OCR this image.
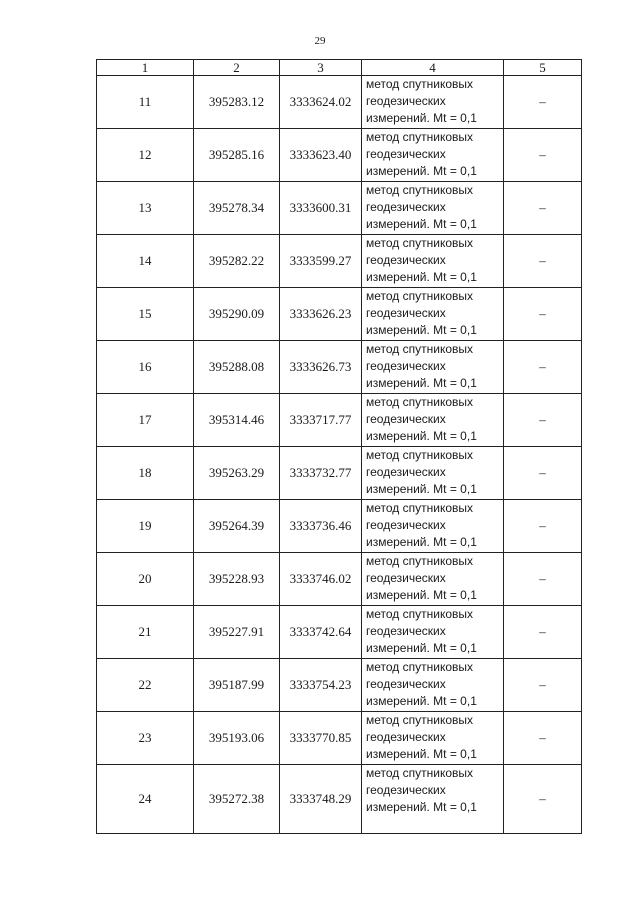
29
1	2	3	4	5
11	395283.12	3333624.02	метод спутниковых
геодезических
измерений. Mt = 0,1	–
12	395285.16	3333623.40	метод спутниковых
геодезических
измерений. Mt = 0,1	–
13	395278.34	3333600.31	метод спутниковых
геодезических
измерений. Mt = 0,1	–
14	395282.22	3333599.27	метод спутниковых
геодезических
измерений. Mt = 0,1	–
15	395290.09	3333626.23	метод спутниковых
геодезических
измерений. Mt = 0,1	–
16	395288.08	3333626.73	метод спутниковых
геодезических
измерений. Mt = 0,1	–
17	395314.46	3333717.77	метод спутниковых
геодезических
измерений. Mt = 0,1	–
18	395263.29	3333732.77	метод спутниковых
геодезических
измерений. Mt = 0,1	–
19	395264.39	3333736.46	метод спутниковых
геодезических
измерений. Mt = 0,1	–
20	395228.93	3333746.02	метод спутниковых
геодезических
измерений. Mt = 0,1	–
21	395227.91	3333742.64	метод спутниковых
геодезических
измерений. Mt = 0,1	–
22	395187.99	3333754.23	метод спутниковых
геодезических
измерений. Mt = 0,1	–
23	395193.06	3333770.85	метод спутниковых
геодезических
измерений. Mt = 0,1	–
24	395272.38	3333748.29	метод спутниковых
геодезических
измерений. Mt = 0,1	–
